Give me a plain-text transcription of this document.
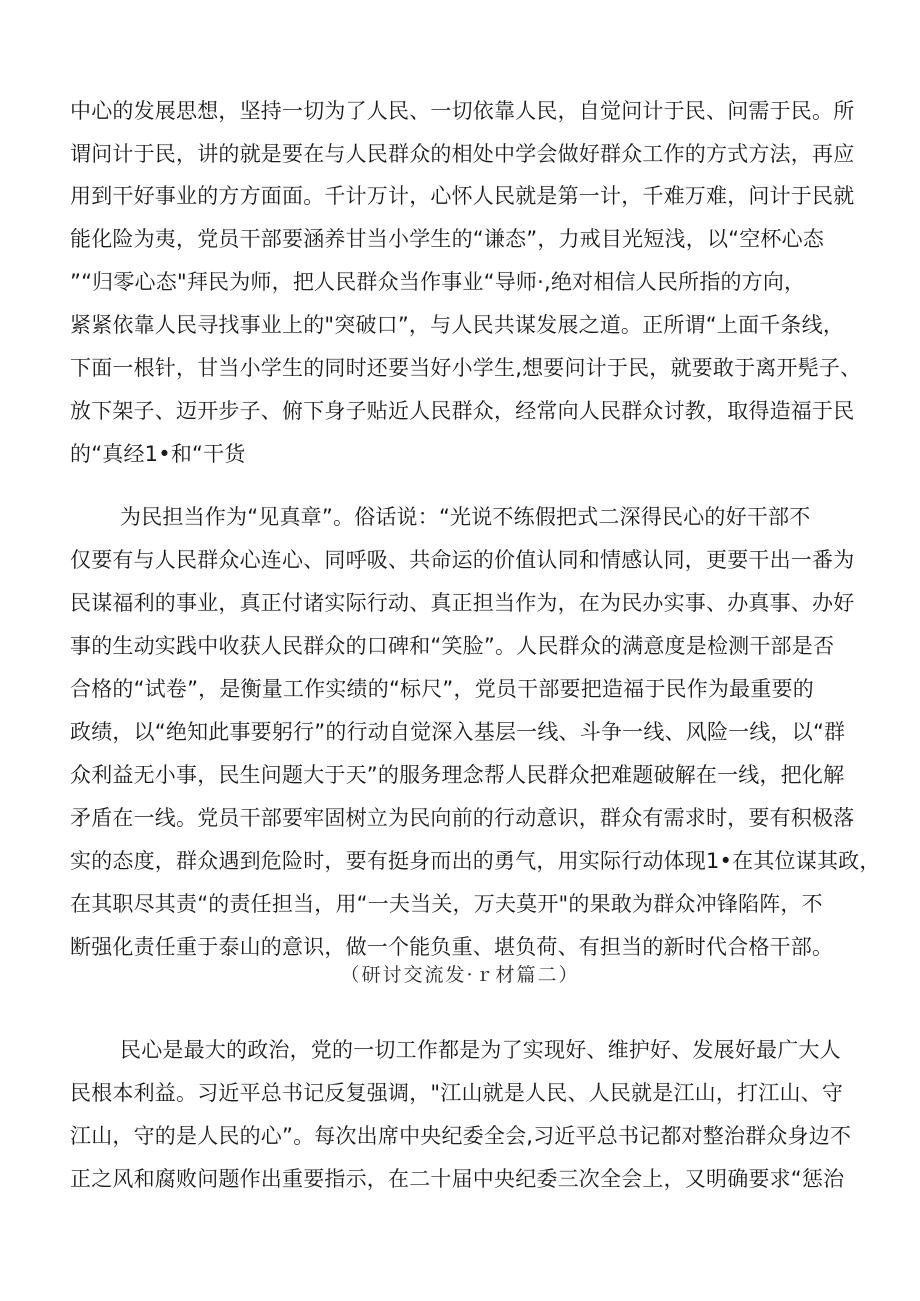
中心的发展思想，坚持一切为了人民、一切依靠人民，自觉问计于民、问需于民。所
谓问计于民，讲的就是要在与人民群众的相处中学会做好群众工作的方式方法，再应
用到干好事业的方方面面。千计万计，心怀人民就是第一计，千难万难，问计于民就
能化险为夷，党员干部要涵养甘当小学生的“谦态”，力戒目光短浅，以“空杯心态
”“归零心态"拜民为师，把人民群众当作事业“导师·,绝对相信人民所指的方向，
紧紧依靠人民寻找事业上的"突破口”，与人民共谋发展之道。正所谓“上面千条线，
下面一根针，甘当小学生的同时还要当好小学生,想要问计于民，就要敢于离开髡子、
放下架子、迈开步子、俯下身子贴近人民群众，经常向人民群众讨教，取得造福于民
的“真经1•和“干货
为民担当作为“见真章”。俗话说：“光说不练假把式二深得民心的好干部不
仅要有与人民群众心连心、同呼吸、共命运的价值认同和情感认同，更要干出一番为
民谋福利的事业，真正付诸实际行动、真正担当作为，在为民办实事、办真事、办好
事的生动实践中收获人民群众的口碑和“笑脸”。人民群众的满意度是检测干部是否
合格的“试卷”，是衡量工作实绩的“标尺”，党员干部要把造福于民作为最重要的
政绩，以“绝知此事要躬行”的行动自觉深入基层一线、斗争一线、风险一线，以“群
众利益无小事，民生问题大于天”的服务理念帮人民群众把难题破解在一线，把化解
矛盾在一线。党员干部要牢固树立为民向前的行动意识，群众有需求时，要有积极落
实的态度，群众遇到危险时，要有挺身而出的勇气，用实际行动体现1•在其位谋其政，
在其职尽其责“的责任担当，用“一夫当关，万夫莫开"的果敢为群众冲锋陷阵，不
断强化责任重于泰山的意识，做一个能负重、堪负荷、有担当的新时代合格干部。
（研讨交流发·ｒ材篇二）
民心是最大的政治，党的一切工作都是为了实现好、维护好、发展好最广大人
民根本利益。习近平总书记反复强调，"江山就是人民、人民就是江山，打江山、守
江山，守的是人民的心”。每次出席中央纪委全会,习近平总书记都对整治群众身边不
正之风和腐败问题作出重要指示，在二十届中央纪委三次全会上，又明确要求“惩治
